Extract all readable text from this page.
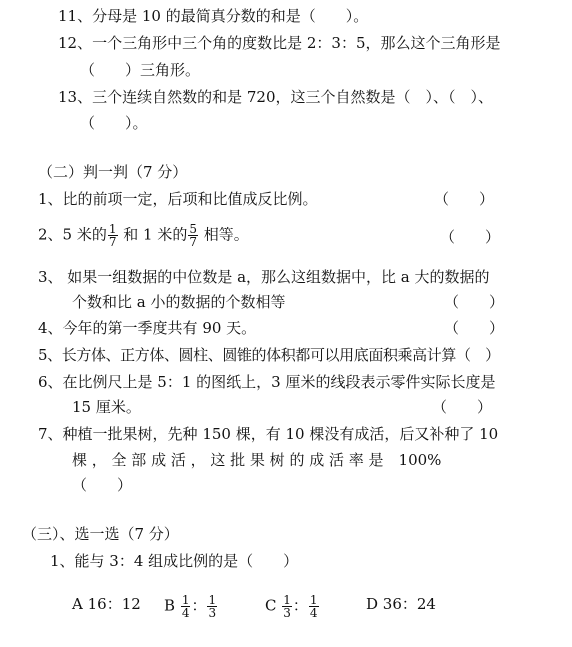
11、分母是 10 的最简真分数的和是（　　）。
12、一个三角形中三个角的度数比是 2：3：5，那么这个三角形是
（　　）三角形。
13、三个连续自然数的和是 720，这三个自然数是（　）、（　）、
（　　）。
（二）判一判（7 分）
1、比的前项一定，后项和比值成反比例。	（　　）
2、5 米的 $\frac{1}{7}$ 和 1 米的 $\frac{5}{7}$ 相等。	（　　）
3、 如果一组数据的中位数是 a，那么这组数据中，比 a 大的数据的
个数和比 a 小的数据的个数相等	（　　）
4、今年的第一季度共有 90 天。	（　　）
5、长方体、正方体、圆柱、圆锥的体积都可以用底面积乘高计算（　）
6、在比例尺上是 5：1 的图纸上，3 厘米的线段表示零件实际长度是
15 厘米。	（　　）
7、种植一批果树，先种 150 棵，有 10 棵没有成活，后又补种了 10
棵 ， 全 部 成 活 ， 这 批 果 树 的 成 活 率 是　100%
（　　）
（三）、选一选（7 分）
1、能与 3：4 组成比例的是（　　）
A 16：12 B $\frac{1}{4}$ ： $\frac{1}{3}$	C $\frac{1}{3}$ ： $\frac{1}{4}$	D 36：24
